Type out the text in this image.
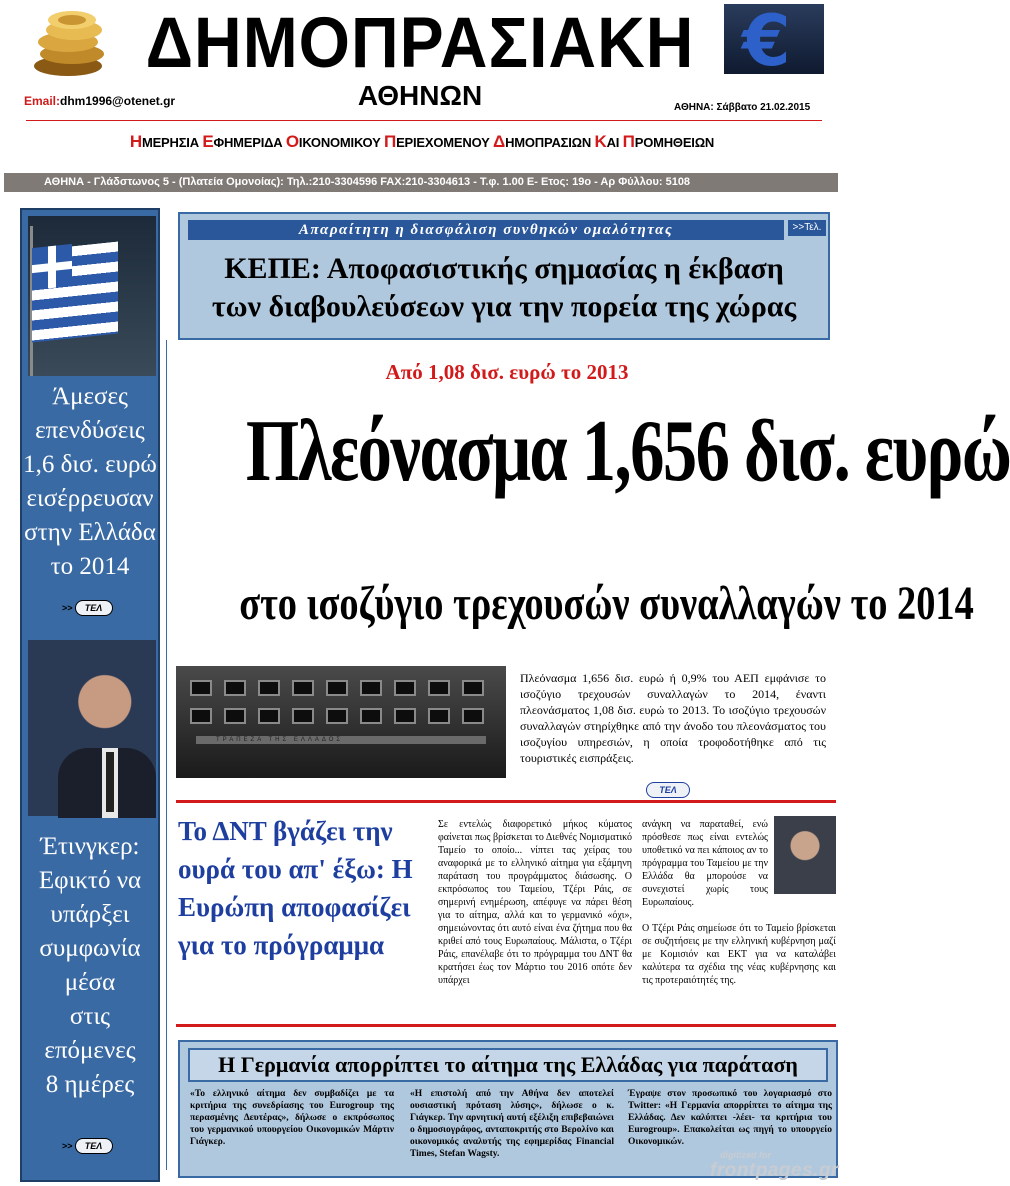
ΔΗΜΟΠΡΑΣΙΑΚΗ
ΑΘΗΝΩΝ
€
Email:dhm1996@otenet.gr	ΑΘΗΝΑ: Σάββατο 21.02.2015
ΗΜΕΡΗΣΙΑ ΕΦΗΜΕΡΙΔΑ ΟΙΚΟΝΟΜΙΚΟΥ ΠΕΡΙΕΧΟΜΕΝΟΥ ΔΗΜΟΠΡΑΣΙΩΝ ΚΑΙ ΠΡΟΜΗΘΕΙΩΝ
ΑΘΗΝΑ - Γλάδστωνος 5 - (Πλατεία Ομονοίας): Τηλ.:210-3304596 FAX:210-3304613 - Τ.φ. 1.00 Ε- Ετος: 19ο - Αρ Φύλλου: 5108
Άμεσες
επενδύσεις
1,6 δισ. ευρώ
εισέρρευσαν
στην Ελλάδα
το 2014
>> ΤΕΛ
Έτινγκερ:
Εφικτό να
υπάρξει
συμφωνία μέσα
στις
επόμενες
8 ημέρες
>> ΤΕΛ
Απαραίτητη η διασφάλιση συνθηκών ομαλότητας	>>Τελ.
ΚΕΠΕ: Αποφασιστικής σημασίας η έκβαση
των διαβουλεύσεων για την πορεία της χώρας
Από 1,08 δισ. ευρώ το 2013
Πλεόνασμα 1,656 δισ. ευρώ
στο ισοζύγιο τρεχουσών συναλλαγών το 2014
ΤΡΑΠΕΖΑ ΤΗΣ ΕΛΛΑΔΟΣ
Πλεόνασμα 1,656 δισ. ευρώ ή 0,9% του ΑΕΠ εμφάνισε το ισοζύγιο τρεχουσών συναλλαγών το 2014, έναντι πλεονάσματος 1,08 δισ. ευρώ το 2013. Το ισοζύγιο τρεχουσών συναλλαγών στηρίχθηκε από την άνοδο του πλεονάσματος του ισοζυγίου υπηρεσιών, η οποία τροφοδοτήθηκε από τις τουριστικές εισπράξεις.
ΤΕΛ
Το ΔΝΤ βγάζει την ουρά του απ' έξω: Η Ευρώπη αποφασίζει για το πρόγραμμα
Σε εντελώς διαφορετικό μήκος κύματος φαίνεται πως βρίσκεται το Διεθνές Νομισματικό Ταμείο το οποίο... νίπτει τας χείρας του αναφορικά με το ελληνικό αίτημα για εξάμηνη παράταση του προγράμματος διάσωσης. Ο εκπρόσωπος του Ταμείου, Τζέρι Ράις, σε σημερινή ενημέρωση, απέφυγε να πάρει θέση για το αίτημα, αλλά και το γερμανικό «όχι», σημειώνοντας ότι αυτό είναι ένα ζήτημα που θα κριθεί από τους Ευρωπαίους. Μάλιστα, ο Τζέρι Ράις, επανέλαβε ότι το πρόγραμμα του ΔΝΤ θα κρατήσει έως τον Μάρτιο του 2016 οπότε δεν υπάρχει
ανάγκη να παραταθεί, ενώ πρόσθεσε πως είναι εντελώς υποθετικό να πει κάποιος αν το πρόγραμμα του Ταμείου με την Ελλάδα θα μπορούσε να συνεχιστεί χωρίς τους Ευρωπαίους.
Ο Τζέρι Ράις σημείωσε ότι το Ταμείο βρίσκεται σε συζητήσεις με την ελληνική κυβέρνηση μαζί με Κομισιόν και ΕΚΤ για να καταλάβει καλύτερα τα σχέδια της νέας κυβέρνησης και τις προτεραιότητές της.
Η Γερμανία απορρίπτει το αίτημα της Ελλάδας για παράταση
«Το ελληνικό αίτημα δεν συμβαδίζει με τα κριτήρια της συνεδρίασης του Eurogroup της περασμένης Δευτέρας», δήλωσε ο εκπρόσωπος του γερμανικού υπουργείου Οικονομικών Μάρτιν Γιάγκερ.
«Η επιστολή από την Αθήνα δεν αποτελεί ουσιαστική πρόταση λύσης», δήλωσε ο κ. Γιάγκερ. Την αρνητική αυτή εξέλιξη επιβεβαιώνει ο δημοσιογράφος, ανταποκριτής στο Βερολίνο και οικονομικός αναλυτής της εφημερίδας Financial Times, Stefan Wagsty.
Έγραψε στον προσωπικό του λογαριασμό στο Twitter: «Η Γερμανία απορρίπτει το αίτημα της Ελλάδας. Δεν καλύπτει -λέει- τα κριτήρια του Eurogroup». Επακολείται ως πηγή το υπουργείο Οικονομικών.
digitized for
frontpages.gr
